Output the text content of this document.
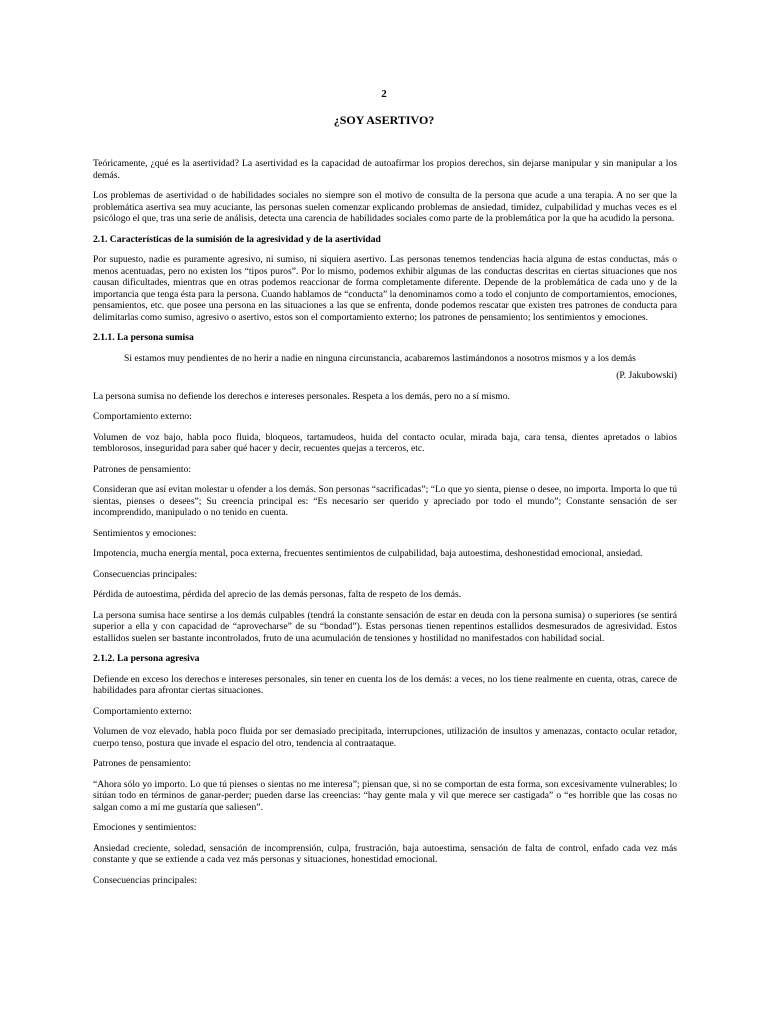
2
¿SOY ASERTIVO?

Teóricamente, ¿qué es la asertividad? La asertividad es la capacidad de autoafirmar los propios derechos, sin dejarse manipular y sin manipular a los demás.

Los problemas de asertividad o de habilidades sociales no siempre son el motivo de consulta de la persona que acude a una terapia. A no ser que la problemática asertiva sea muy acuciante, las personas suelen comenzar explicando problemas de ansiedad, timidez, culpabilidad y muchas veces es el psicólogo el que, tras una serie de análisis, detecta una carencia de habilidades sociales como parte de la problemática por la que ha acudido la persona.

2.1. Características de la sumisión de la agresividad y de la asertividad

Por supuesto, nadie es puramente agresivo, ni sumiso, ni siquiera asertivo. Las personas tenemos tendencias hacia alguna de estas conductas, más o menos acentuadas, pero no existen los “tipos puros”. Por lo mismo, podemos exhibir algunas de las conductas descritas en ciertas situaciones que nos causan dificultades, mientras que en otras podemos reaccionar de forma completamente diferente. Depende de la problemática de cada uno y de la importancia que tenga ésta para la persona. Cuando hablamos de “conducta” la denominamos como a todo el conjunto de comportamientos, emociones, pensamientos, etc. que posee una persona en las situaciones a las que se enfrenta, donde podemos rescatar que existen tres patrones de conducta para delimitarlas como sumiso, agresivo o asertivo, estos son el comportamiento externo; los patrones de pensamiento; los sentimientos y emociones.

2.1.1. La persona sumisa

Si estamos muy pendientes de no herir a nadie en ninguna circunstancia, acabaremos lastimándonos a nosotros mismos y a los demás

(P. Jakubowski)

La persona sumisa no defiende los derechos e intereses personales. Respeta a los demás, pero no a sí mismo.

Comportamiento externo:

Volumen de voz bajo, habla poco fluida, bloqueos, tartamudeos, huida del contacto ocular, mirada baja, cara tensa, dientes apretados o labios temblorosos, inseguridad para saber qué hacer y decir, recuentes quejas a terceros, etc.

Patrones de pensamiento:

Consideran que así evitan molestar u ofender a los demás. Son personas “sacrificadas”; “Lo que yo sienta, piense o desee, no importa. Importa lo que tú sientas, pienses o desees”; Su creencia principal es: “Es necesario ser querido y apreciado por todo el mundo”; Constante sensación de ser incomprendido, manipulado o no tenido en cuenta.

Sentimientos y emociones:

Impotencia, mucha energía mental, poca externa, frecuentes sentimientos de culpabilidad, baja autoestima, deshonestidad emocional, ansiedad.

Consecuencias principales:

Pérdida de autoestima, pérdida del aprecio de las demás personas, falta de respeto de los demás.

La persona sumisa hace sentirse a los demás culpables (tendrá la constante sensación de estar en deuda con la persona sumisa) o superiores (se sentirá superior a ella y con capacidad de “aprovecharse” de su “bondad”). Estas personas tienen repentinos estallidos desmesurados de agresividad. Estos estallidos suelen ser bastante incontrolados, fruto de una acumulación de tensiones y hostilidad no manifestados con habilidad social.

2.1.2. La persona agresiva

Defiende en exceso los derechos e intereses personales, sin tener en cuenta los de los demás: a veces, no los tiene realmente en cuenta, otras, carece de habilidades para afrontar ciertas situaciones.

Comportamiento externo:

Volumen de voz elevado, habla poco fluida por ser demasiado precipitada, interrupciones, utilización de insultos y amenazas, contacto ocular retador, cuerpo tenso, postura que invade el espacio del otro, tendencia al contraataque.

Patrones de pensamiento:

“Ahora sólo yo importo. Lo que tú pienses o sientas no me interesa”; piensan que, si no se comportan de esta forma, son excesivamente vulnerables; lo sitúan todo en términos de ganar-perder; pueden darse las creencias: “hay gente mala y vil que merece ser castigada” o “es horrible que las cosas no salgan como a mí me gustaría que saliesen”.

Emociones y sentimientos:

Ansiedad creciente, soledad, sensación de incomprensión, culpa, frustración, baja autoestima, sensación de falta de control, enfado cada vez más constante y que se extiende a cada vez más personas y situaciones, honestidad emocional.

Consecuencias principales:
